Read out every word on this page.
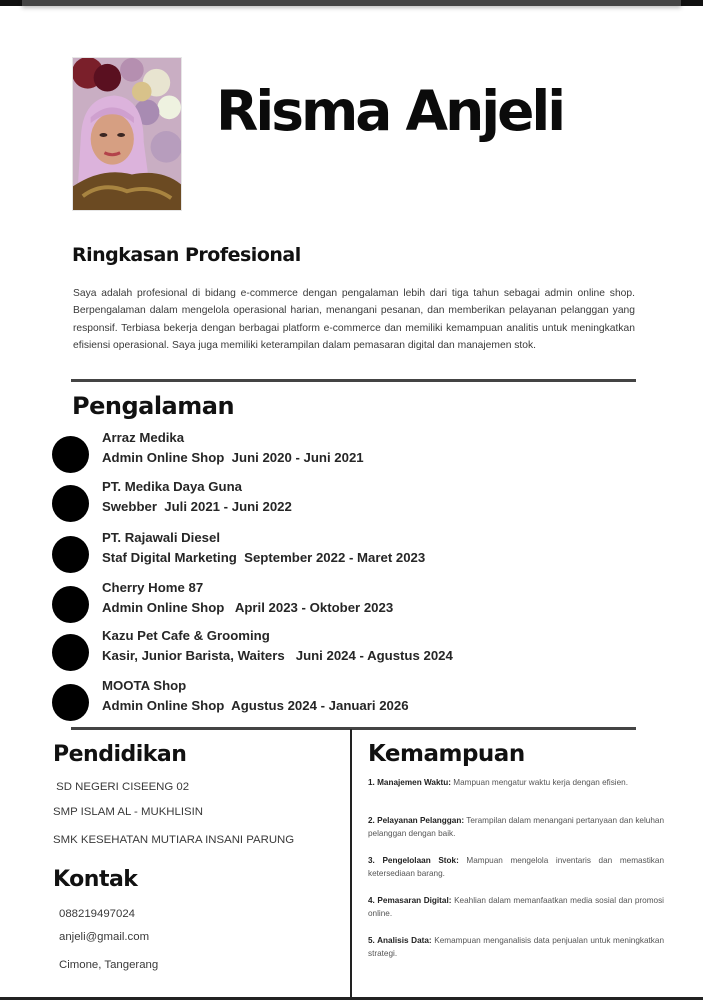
Risma Anjeli
Ringkasan Profesional

Saya adalah profesional di bidang e-commerce dengan pengalaman lebih dari tiga tahun sebagai admin online shop. Berpengalaman dalam mengelola operasional harian, menangani pesanan, dan memberikan pelayanan pelanggan yang responsif. Terbiasa bekerja dengan berbagai platform e-commerce dan memiliki kemampuan analitis untuk meningkatkan efisiensi operasional. Saya juga memiliki keterampilan dalam pemasaran digital dan manajemen stok.

Pengalaman
Arraz Medika
Admin Online Shop  Juni 2020 - Juni 2021
PT. Medika Daya Guna
Swebber  Juli 2021 - Juni 2022
PT. Rajawali Diesel
Staf Digital Marketing  September 2022 - Maret 2023
Cherry Home 87
Admin Online Shop   April 2023 - Oktober 2023
Kazu Pet Cafe & Grooming
Kasir, Junior Barista, Waiters   Juni 2024 - Agustus 2024
MOOTA Shop
Admin Online Shop  Agustus 2024 - Januari 2026
Pendidikan
SD NEGERI CISEENG 02
SMP ISLAM AL - MUKHLISIN
SMK KESEHATAN MUTIARA INSANI PARUNG
Kontak
088219497024
anjeli@gmail.com
Cimone, Tangerang
Kemampuan
1. Manajemen Waktu: Mampuan mengatur waktu kerja dengan efisien.
2. Pelayanan Pelanggan: Terampilan dalam menangani pertanyaan dan keluhan pelanggan dengan baik.
3. Pengelolaan Stok: Mampuan mengelola inventaris dan memastikan ketersediaan barang.
4. Pemasaran Digital: Keahlian dalam memanfaatkan media sosial dan promosi online.
5. Analisis Data: Kemampuan menganalisis data penjualan untuk meningkatkan strategi.
